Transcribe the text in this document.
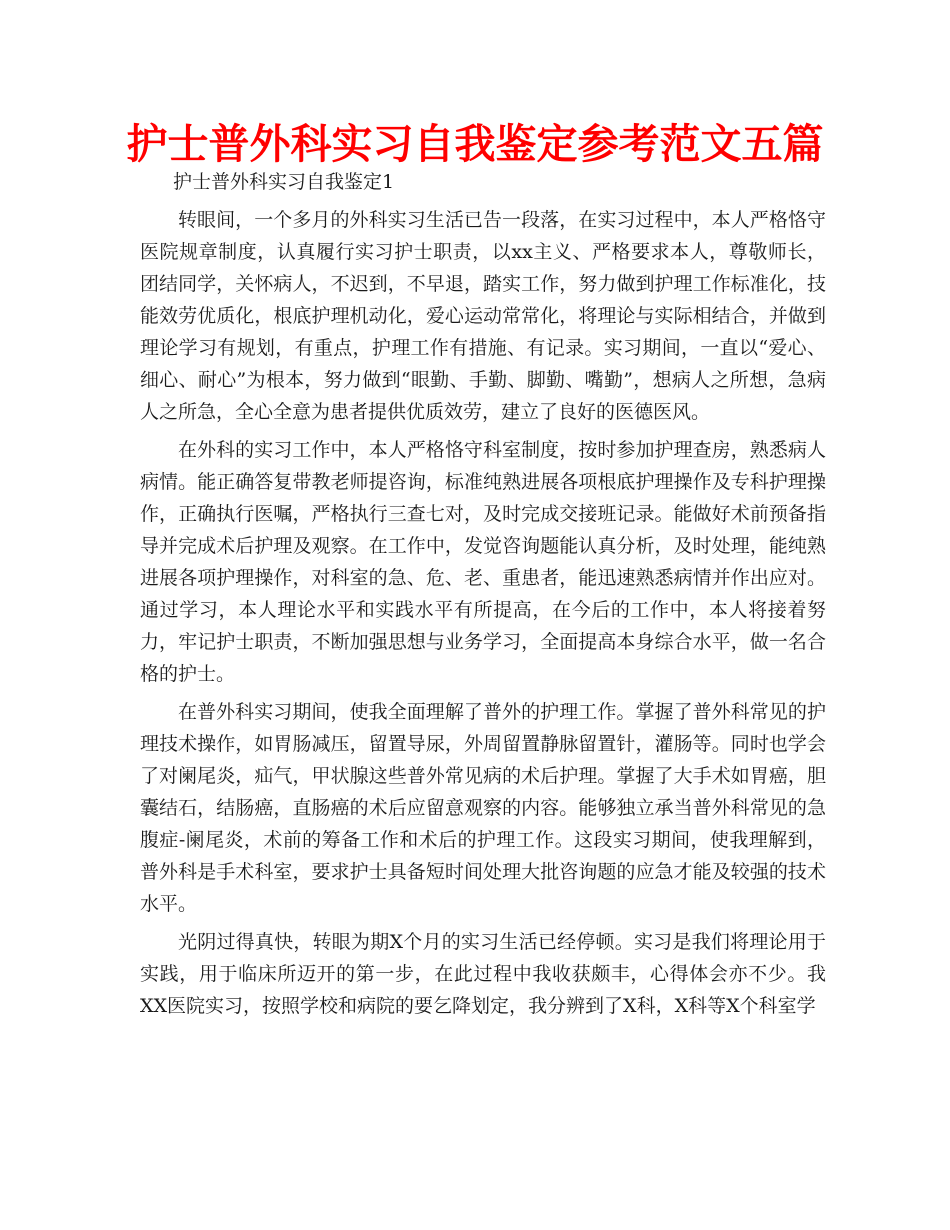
护士普外科实习自我鉴定参考范文五篇

护士普外科实习自我鉴定1

转眼间，一个多月的外科实习生活已告一段落，在实习过程中，本人严格恪守医院规章制度，认真履行实习护士职责，以xx主义、严格要求本人，尊敬师长，团结同学，关怀病人，不迟到，不早退，踏实工作，努力做到护理工作标准化，技能效劳优质化，根底护理机动化，爱心运动常常化，将理论与实际相结合，并做到理论学习有规划，有重点，护理工作有措施、有记录。实习期间，一直以“爱心、细心、耐心”为根本，努力做到“眼勤、手勤、脚勤、嘴勤”，想病人之所想，急病人之所急，全心全意为患者提供优质效劳，建立了良好的医德医风。

在外科的实习工作中，本人严格恪守科室制度，按时参加护理查房，熟悉病人病情。能正确答复带教老师提咨询，标准纯熟进展各项根底护理操作及专科护理操作，正确执行医嘱，严格执行三查七对，及时完成交接班记录。能做好术前预备指导并完成术后护理及观察。在工作中，发觉咨询题能认真分析，及时处理，能纯熟进展各项护理操作，对科室的急、危、老、重患者，能迅速熟悉病情并作出应对。通过学习，本人理论水平和实践水平有所提高，在今后的工作中，本人将接着努力，牢记护士职责，不断加强思想与业务学习，全面提高本身综合水平，做一名合格的护士。

在普外科实习期间，使我全面理解了普外的护理工作。掌握了普外科常见的护理技术操作，如胃肠减压，留置导尿，外周留置静脉留置针，灌肠等。同时也学会了对阑尾炎，疝气，甲状腺这些普外常见病的术后护理。掌握了大手术如胃癌，胆囊结石，结肠癌，直肠癌的术后应留意观察的内容。能够独立承当普外科常见的急腹症-阑尾炎，术前的筹备工作和术后的护理工作。这段实习期间，使我理解到，普外科是手术科室，要求护士具备短时间处理大批咨询题的应急才能及较强的技术水平。

光阴过得真快，转眼为期X个月的实习生活已经停顿。实习是我们将理论用于实践，用于临床所迈开的第一步，在此过程中我收获颇丰，心得体会亦不少。我XX医院实习，按照学校和病院的要乞降划定，我分辨到了X科，X科等X个科室学
